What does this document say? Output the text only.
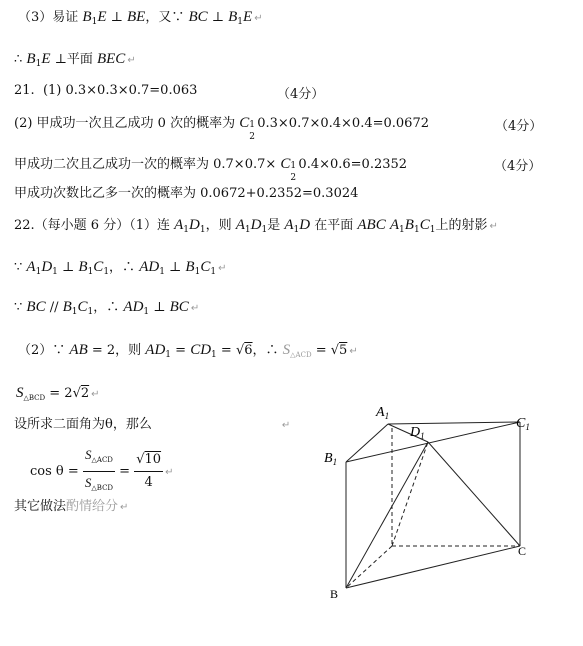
（3）易证 $B_1E$ ⊥ BE，又∵ BC ⊥ $B_1E$ ↵
∴ $B_1E$ ⊥平面 BEC ↵
21.  (1) 0.3×0.3×0.7=0.063	（4分）
(2) 甲成功一次且乙成功 0 次的概率为 C 1
2
0.3×0.7×0.4×0.4=0.0672	（4分）
甲成功二次且乙成功一次的概率为 0.7×0.7× C 1
2
0.4×0.6=0.2352	（4分）
甲成功次数比乙多一次的概率为 0.0672+0.2352=0.3024
22.（每小题 6 分）（1）连 $A_1D_1$，则 $A_1D_1$是 $A_1D$ 在平面 ABC $A_1B_1C_1$上的射影 ↵
∵ $A_1D_1$ ⊥ $B_1C_1$，∴ $AD_1$ ⊥ $B_1C_1$ ↵
∵ BC // $B_1C_1$，∴ $AD_1$ ⊥ BC ↵
（2）∵ AB = 2，则 $AD_1 = CD_1 = √6$，∴ $S_{\triangle ACD} = √5$ ↵
$S_{\triangle BCD} = 2√2$ ↵
设所求二面角为θ，那么	↵
$\cos \theta = \frac{S_{\triangle ACD}}{S_{\triangle BCD}} = \frac{√10}{4}$ ↵
其它做法酌情给分 ↵
$A_1$
$D_1$
$C_1$
$B_1$
C
B
